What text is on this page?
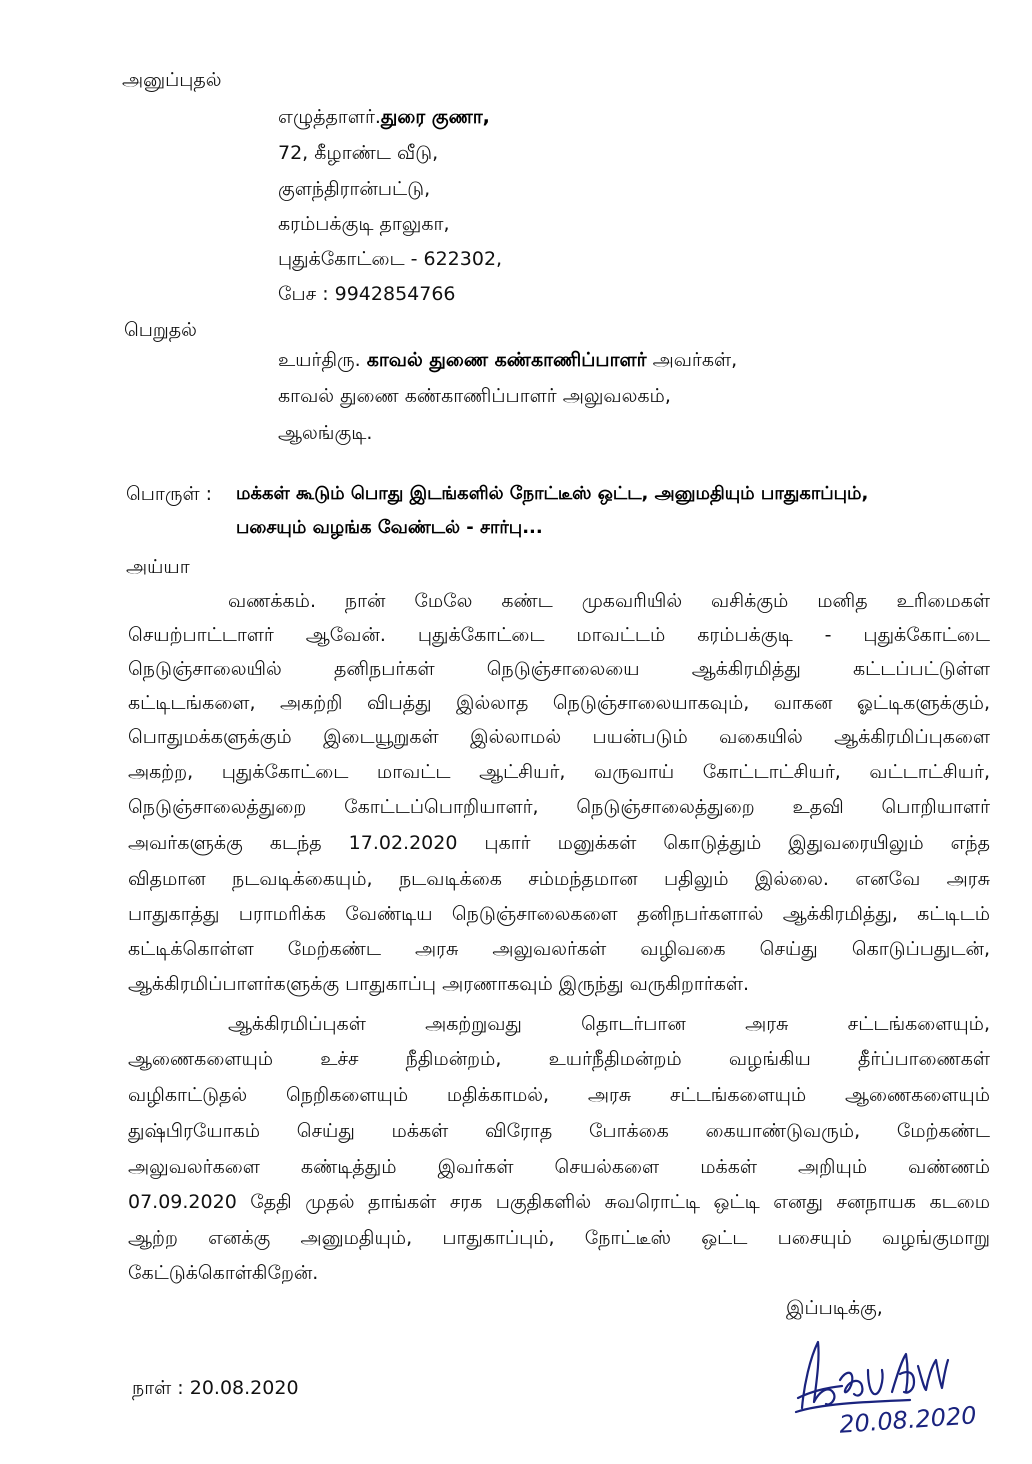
அனுப்புதல்
எழுத்தாளர்.துரை குணா,
72, கீழாண்ட வீடு,
குளந்திரான்பட்டு,
கரம்பக்குடி தாலுகா,
புதுக்கோட்டை - 622302,
பேச : 9942854766
பெறுதல்
உயர்திரு. காவல் துணை கண்காணிப்பாளர் அவர்கள்,
காவல் துணை கண்காணிப்பாளர் அலுவலகம்,
ஆலங்குடி.
பொருள் : மக்கள் கூடும் பொது இடங்களில் நோட்டீஸ் ஒட்ட, அனுமதியும் பாதுகாப்பும்,
பசையும் வழங்க வேண்டல் - சார்பு...
அய்யா
வணக்கம். நான் மேலே கண்ட முகவரியில் வசிக்கும் மனித உரிமைகள்
செயற்பாட்டாளர் ஆவேன். புதுக்கோட்டை மாவட்டம் கரம்பக்குடி - புதுக்கோட்டை
நெடுஞ்சாலையில் தனிநபர்கள் நெடுஞ்சாலையை ஆக்கிரமித்து கட்டப்பட்டுள்ள
கட்டிடங்களை, அகற்றி விபத்து இல்லாத நெடுஞ்சாலையாகவும், வாகன ஓட்டிகளுக்கும்,
பொதுமக்களுக்கும் இடையூறுகள் இல்லாமல் பயன்படும் வகையில் ஆக்கிரமிப்புகளை
அகற்ற, புதுக்கோட்டை மாவட்ட ஆட்சியர், வருவாய் கோட்டாட்சியர், வட்டாட்சியர்,
நெடுஞ்சாலைத்துறை கோட்டப்பொறியாளர், நெடுஞ்சாலைத்துறை உதவி பொறியாளர்
அவர்களுக்கு கடந்த 17.02.2020 புகார் மனுக்கள் கொடுத்தும் இதுவரையிலும் எந்த
விதமான நடவடிக்கையும், நடவடிக்கை சம்மந்தமான பதிலும் இல்லை. எனவே அரசு
பாதுகாத்து பராமரிக்க வேண்டிய நெடுஞ்சாலைகளை தனிநபர்களால் ஆக்கிரமித்து, கட்டிடம்
கட்டிக்கொள்ள மேற்கண்ட அரசு அலுவலர்கள் வழிவகை செய்து கொடுப்பதுடன்,
ஆக்கிரமிப்பாளர்களுக்கு பாதுகாப்பு அரணாகவும் இருந்து வருகிறார்கள்.
ஆக்கிரமிப்புகள் அகற்றுவது தொடர்பான அரசு சட்டங்களையும்,
ஆணைகளையும் உச்ச நீதிமன்றம், உயர்நீதிமன்றம் வழங்கிய தீர்ப்பாணைகள்
வழிகாட்டுதல் நெறிகளையும் மதிக்காமல், அரசு சட்டங்களையும் ஆணைகளையும்
துஷ்பிரயோகம் செய்து மக்கள் விரோத போக்கை கையாண்டுவரும், மேற்கண்ட
அலுவலர்களை கண்டித்தும் இவர்கள் செயல்களை மக்கள் அறியும் வண்ணம்
07.09.2020 தேதி முதல் தாங்கள் சரக பகுதிகளில் சுவரொட்டி ஒட்டி எனது சனநாயக கடமை
ஆற்ற எனக்கு அனுமதியும், பாதுகாப்பும், நோட்டீஸ் ஒட்ட பசையும் வழங்குமாறு
கேட்டுக்கொள்கிறேன்.
இப்படிக்கு,
நாள் : 20.08.2020
20.08.2020
